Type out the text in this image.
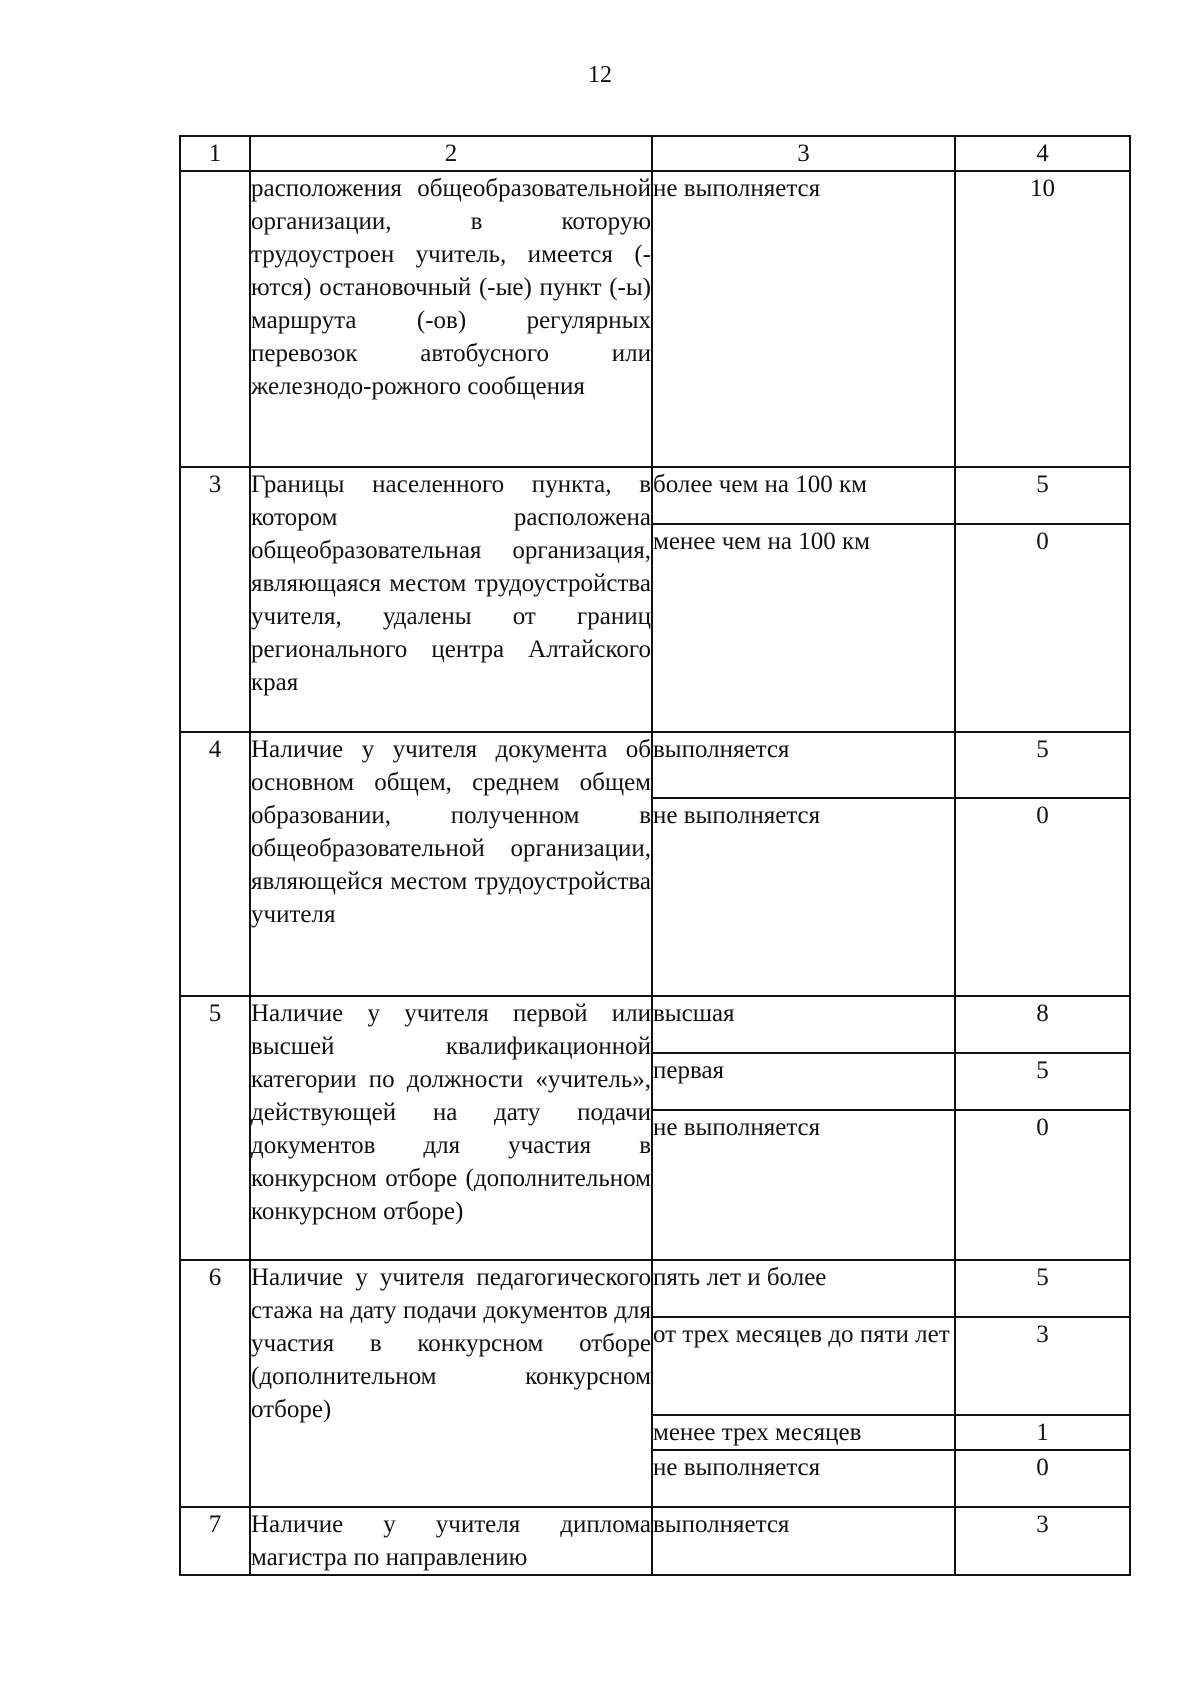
12
1	2	3	4
	расположения общеобразовательной организации, в которую трудоустроен учитель, имеется (-ются) остановочный (-ые) пункт (-ы) маршрута (-ов) регулярных перевозок автобусного или железнодо-рожного сообщения	не выполняется	10
3	Границы населенного пункта, в котором расположена общеобразовательная организация, являющаяся местом трудоустройства учителя, удалены от границ регионального центра Алтайского края	более чем на 100 км	5
		менее чем на 100 км	0
4	Наличие у учителя документа об основном общем, среднем общем образовании, полученном в общеобразовательной организации, являющейся местом трудоустройства учителя	выполняется	5
		не выполняется	0
5	Наличие у учителя первой или высшей квалификационной категории по должности «учитель», действующей на дату подачи документов для участия в конкурсном отборе (дополнительном конкурсном отборе)	высшая	8
		первая	5
		не выполняется	0
6	Наличие у учителя педагогического стажа на дату подачи документов для участия в конкурсном отборе (дополнительном конкурсном отборе)	пять лет и более	5
		от трех месяцев до пяти лет	3
		менее трех месяцев	1
		не выполняется	0
7	Наличие у учителя диплома магистра по направлению	выполняется	3
